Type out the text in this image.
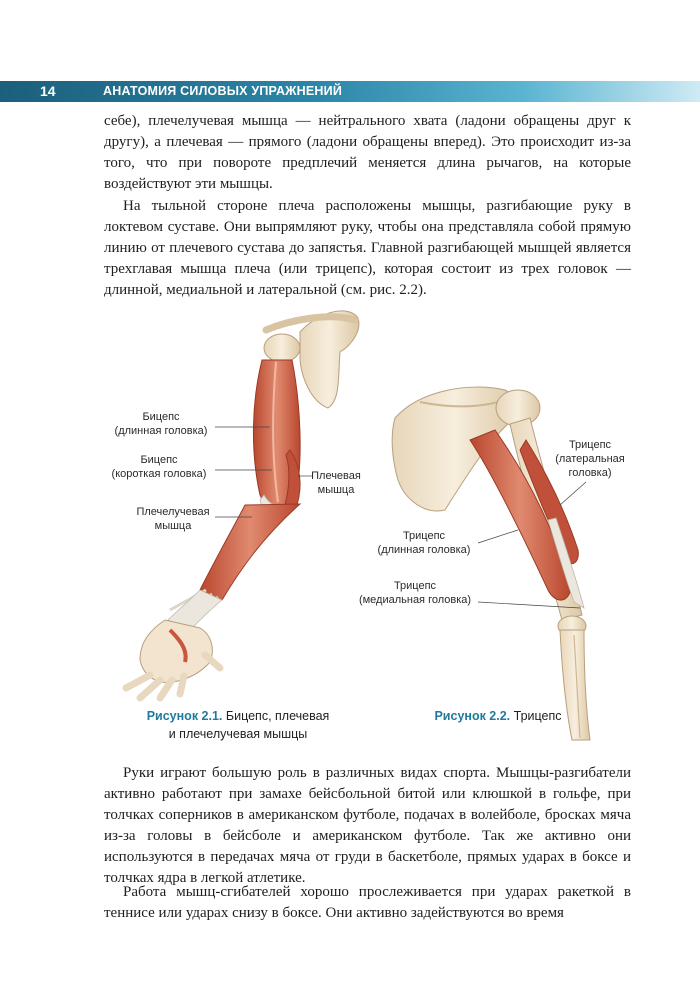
14	АНАТОМИЯ СИЛОВЫХ УПРАЖНЕНИЙ

себе), плечелучевая мышца — нейтрального хвата (ладони обращены друг к другу), а плечевая — прямого (ладони обращены вперед). Это происходит из-за того, что при повороте предплечий меняется длина рычагов, на которые воздействуют эти мышцы.

На тыльной стороне плеча расположены мышцы, разгибающие руку в локтевом суставе. Они выпрямляют руку, чтобы она представляла собой прямую линию от плечевого сустава до запястья. Главной разгибающей мышцей является трехглавая мышца плеча (или трицепс), которая состоит из трех головок — длинной, медиальной и латеральной (см. рис. 2.2).

Бицепс
(длинная головка)
Бицепс
(короткая головка)	Плечевая
мышца
Плечелучевая
мышца
Трицепс
(латеральная
головка)
Трицепс
(длинная головка)
Трицепс
(медиальная головка)
Рисунок 2.1. Бицепс, плечевая
и плечелучевая мышцы
Рисунок 2.2. Трицепс

Руки играют большую роль в различных видах спорта. Мышцы-разгибатели активно работают при замахе бейсбольной битой или клюшкой в гольфе, при толчках соперников в американском футболе, подачах в волейболе, бросках мяча из-за головы в бейсболе и американском футболе. Так же активно они используются в передачах мяча от груди в баскетболе, прямых ударах в боксе и толчках ядра в легкой атлетике.

Работа мышц-сгибателей хорошо прослеживается при ударах ракеткой в теннисе или ударах снизу в боксе. Они активно задействуются во время
